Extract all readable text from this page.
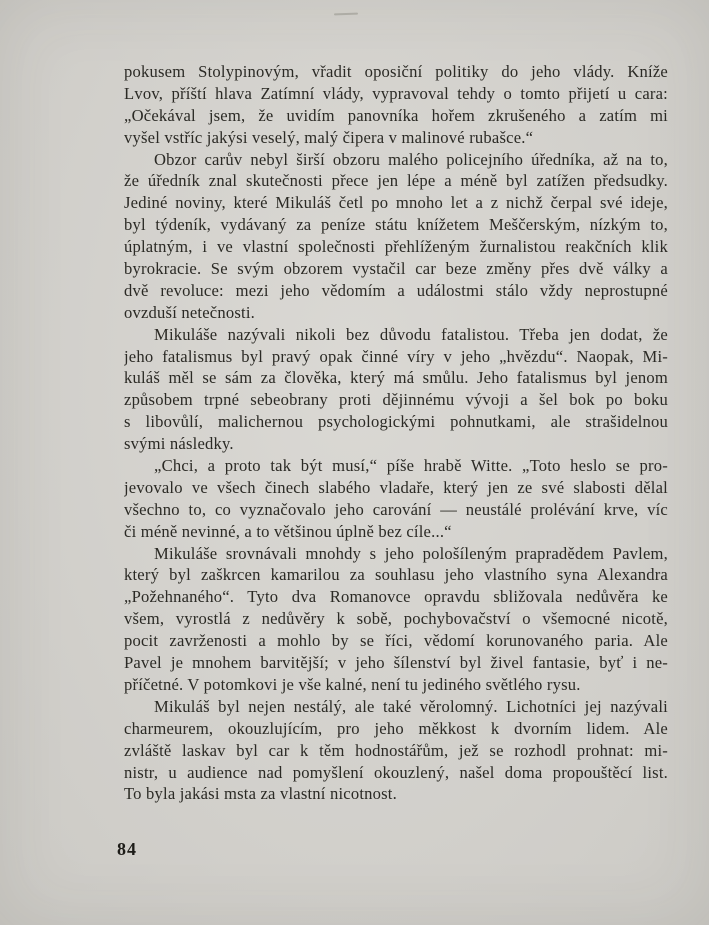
pokusem Stolypinovým, vřadit oposiční politiky do jeho vlády. Kníže
Lvov, příští hlava Zatímní vlády, vypravoval tehdy o tomto přijetí u cara:
„Očekával jsem, že uvidím panovníka hořem zkrušeného a zatím mi
vyšel vstříc jakýsi veselý, malý čipera v malinové rubašce.“
Obzor carův nebyl širší obzoru malého policejního úředníka, až na to,
že úředník znal skutečnosti přece jen lépe a méně byl zatížen předsudky.
Jediné noviny, které Mikuláš četl po mnoho let a z nichž čerpal své ideje,
byl týdeník, vydávaný za peníze státu knížetem Meščerským, nízkým to,
úplatným, i ve vlastní společnosti přehlíženým žurnalistou reakčních klik
byrokracie. Se svým obzorem vystačil car beze změny přes dvě války a
dvě revoluce: mezi jeho vědomím a událostmi stálo vždy neprostupné
ovzduší netečnosti.
Mikuláše nazývali nikoli bez důvodu fatalistou. Třeba jen dodat, že
jeho fatalismus byl pravý opak činné víry v jeho „hvězdu“. Naopak, Mi-
kuláš měl se sám za člověka, který má smůlu. Jeho fatalismus byl jenom
způsobem trpné sebeobrany proti dějinnému vývoji a šel bok po boku
s libovůlí, malichernou psychologickými pohnutkami, ale strašidelnou
svými následky.
„Chci, a proto tak být musí,“ píše hrabě Witte. „Toto heslo se pro-
jevovalo ve všech činech slabého vladaře, který jen ze své slabosti dělal
všechno to, co vyznačovalo jeho carování — neustálé prolévání krve, víc
či méně nevinné, a to většinou úplně bez cíle...“
Mikuláše srovnávali mnohdy s jeho pološíleným prapradědem Pavlem,
který byl zaškrcen kamarilou za souhlasu jeho vlastního syna Alexandra
„Požehnaného“. Tyto dva Romanovce opravdu sbližovala nedůvěra ke
všem, vyrostlá z nedůvěry k sobě, pochybovačství o všemocné nicotě,
pocit zavrženosti a mohlo by se říci, vědomí korunovaného paria. Ale
Pavel je mnohem barvitější; v jeho šílenství byl živel fantasie, byť i ne-
příčetné. V potomkovi je vše kalné, není tu jediného světlého rysu.
Mikuláš byl nejen nestálý, ale také věrolomný. Lichotníci jej nazývali
charmeurem, okouzlujícím, pro jeho měkkost k dvorním lidem. Ale
zvláště laskav byl car k těm hodnostářům, jež se rozhodl prohnat: mi-
nistr, u audience nad pomyšlení okouzlený, našel doma propouštěcí list.
To byla jakási msta za vlastní nicotnost.
84
